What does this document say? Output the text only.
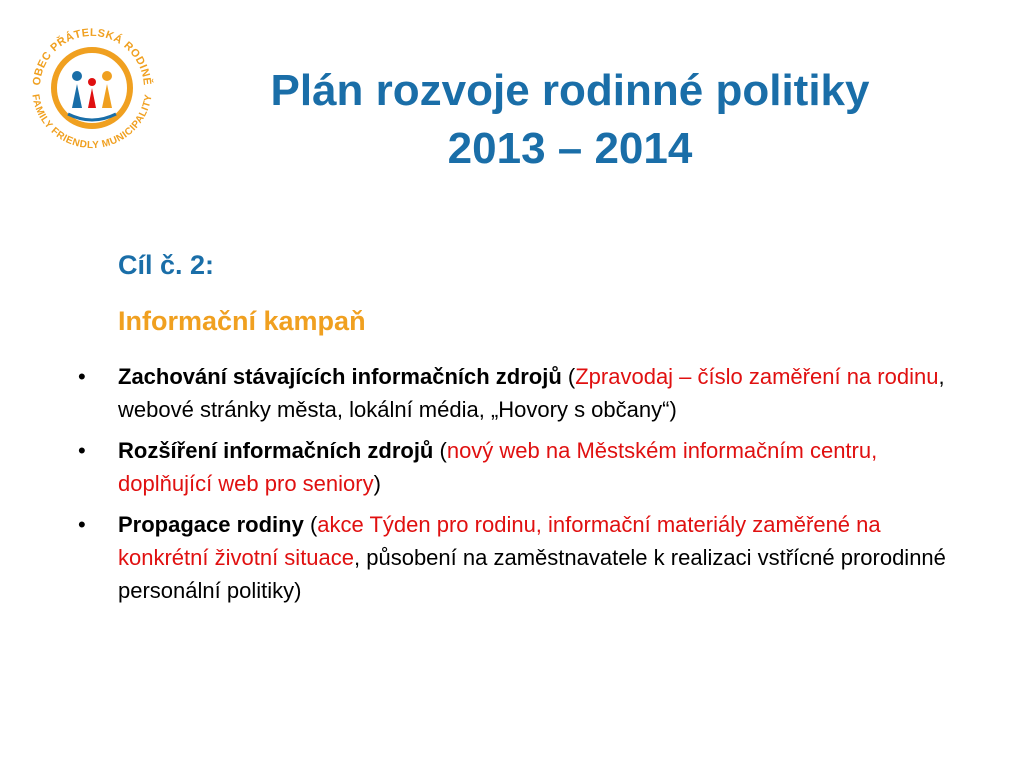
OBEC PŘÁTELSKÁ RODINĚ
FAMILY FRIENDLY MUNICIPALITY	Plán rozvoje rodinné politiky
2013 – 2014
Cíl č. 2:
Informační kampaň
• Zachování stávajících informačních zdrojů (Zpravodaj – číslo zaměření na rodinu, webové stránky města, lokální média, „Hovory s občany“)
• Rozšíření informačních zdrojů (nový web na Městském informačním centru, doplňující web pro seniory)
• Propagace rodiny (akce Týden pro rodinu, informační materiály zaměřené na konkrétní životní situace, působení na zaměstnavatele k realizaci vstřícné prorodinné personální politiky)
